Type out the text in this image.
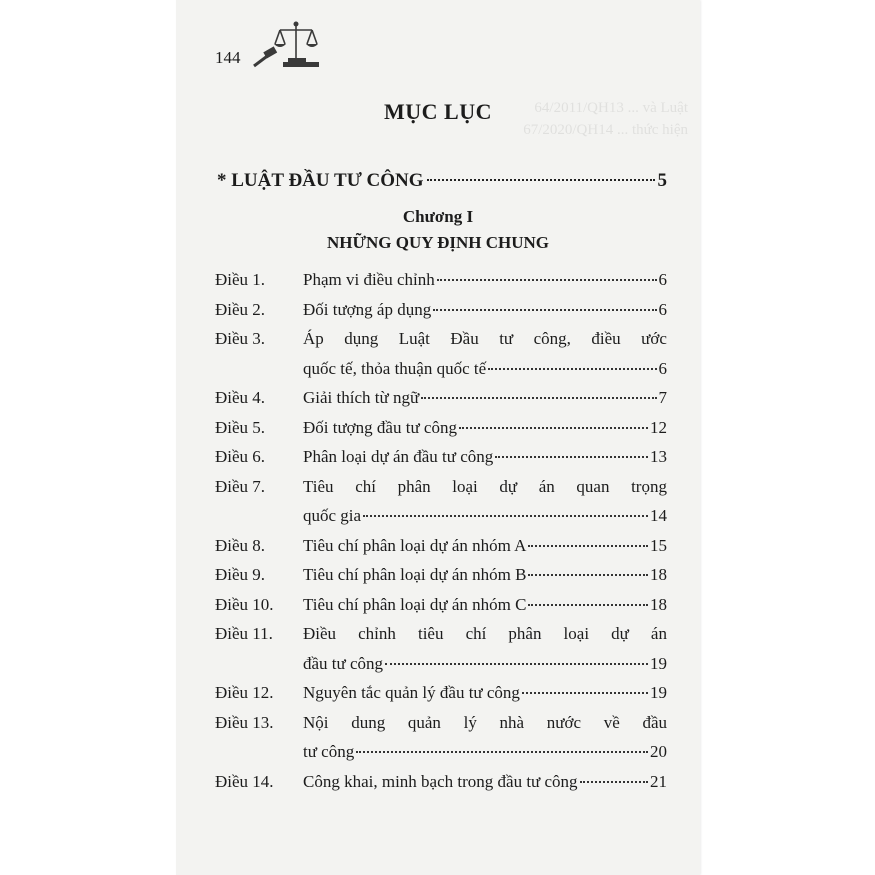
64/2011/QH13 ... và Luật
67/2020/QH14 ... thức hiện
144
MỤC LỤC
* LUẬT ĐẦU TƯ CÔNG	5
Chương I
NHỮNG QUY ĐỊNH CHUNG
Điều 1. Phạm vi điều chỉnh	6
Điều 2. Đối tượng áp dụng	6
Điều 3. Áp dụng Luật Đầu tư công, điều ước
quốc tế, thỏa thuận quốc tế	6
Điều 4. Giải thích từ ngữ	7
Điều 5. Đối tượng đầu tư công	12
Điều 6. Phân loại dự án đầu tư công	13
Điều 7. Tiêu chí phân loại dự án quan trọng
quốc gia	14
Điều 8. Tiêu chí phân loại dự án nhóm A	15
Điều 9. Tiêu chí phân loại dự án nhóm B	18
Điều 10. Tiêu chí phân loại dự án nhóm C	18
Điều 11. Điều chỉnh tiêu chí phân loại dự án
đầu tư công	19
Điều 12. Nguyên tắc quản lý đầu tư công	19
Điều 13. Nội dung quản lý nhà nước về đầu
tư công	20
Điều 14. Công khai, minh bạch trong đầu tư công	21
